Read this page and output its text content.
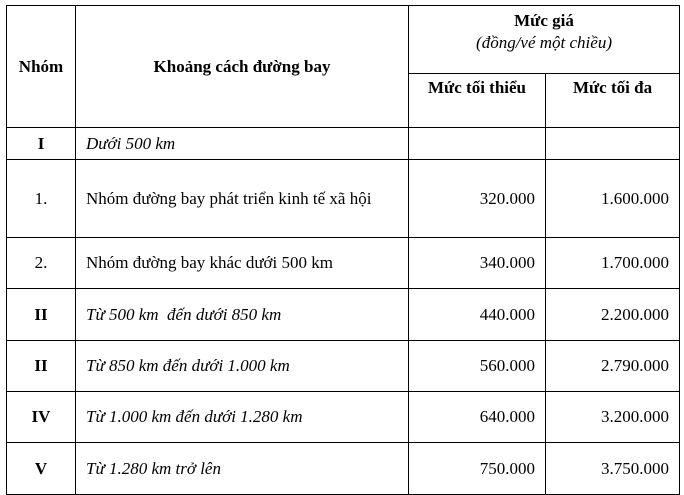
Nhóm	Khoảng cách đường bay	Mức giá
(đồng/vé một chiều)	

		Mức tối thiểu	Mức tối đa
I	Dưới 500 km		
1.	Nhóm đường bay phát triển kinh tế xã hội	320.000	1.600.000
2.	Nhóm đường bay khác dưới 500 km	340.000	1.700.000
II	Từ 500 km  đến dưới 850 km	440.000	2.200.000
II	Từ 850 km đến dưới 1.000 km	560.000	2.790.000
IV	Từ 1.000 km đến dưới 1.280 km	640.000	3.200.000
V	Từ 1.280 km trở lên	750.000	3.750.000
